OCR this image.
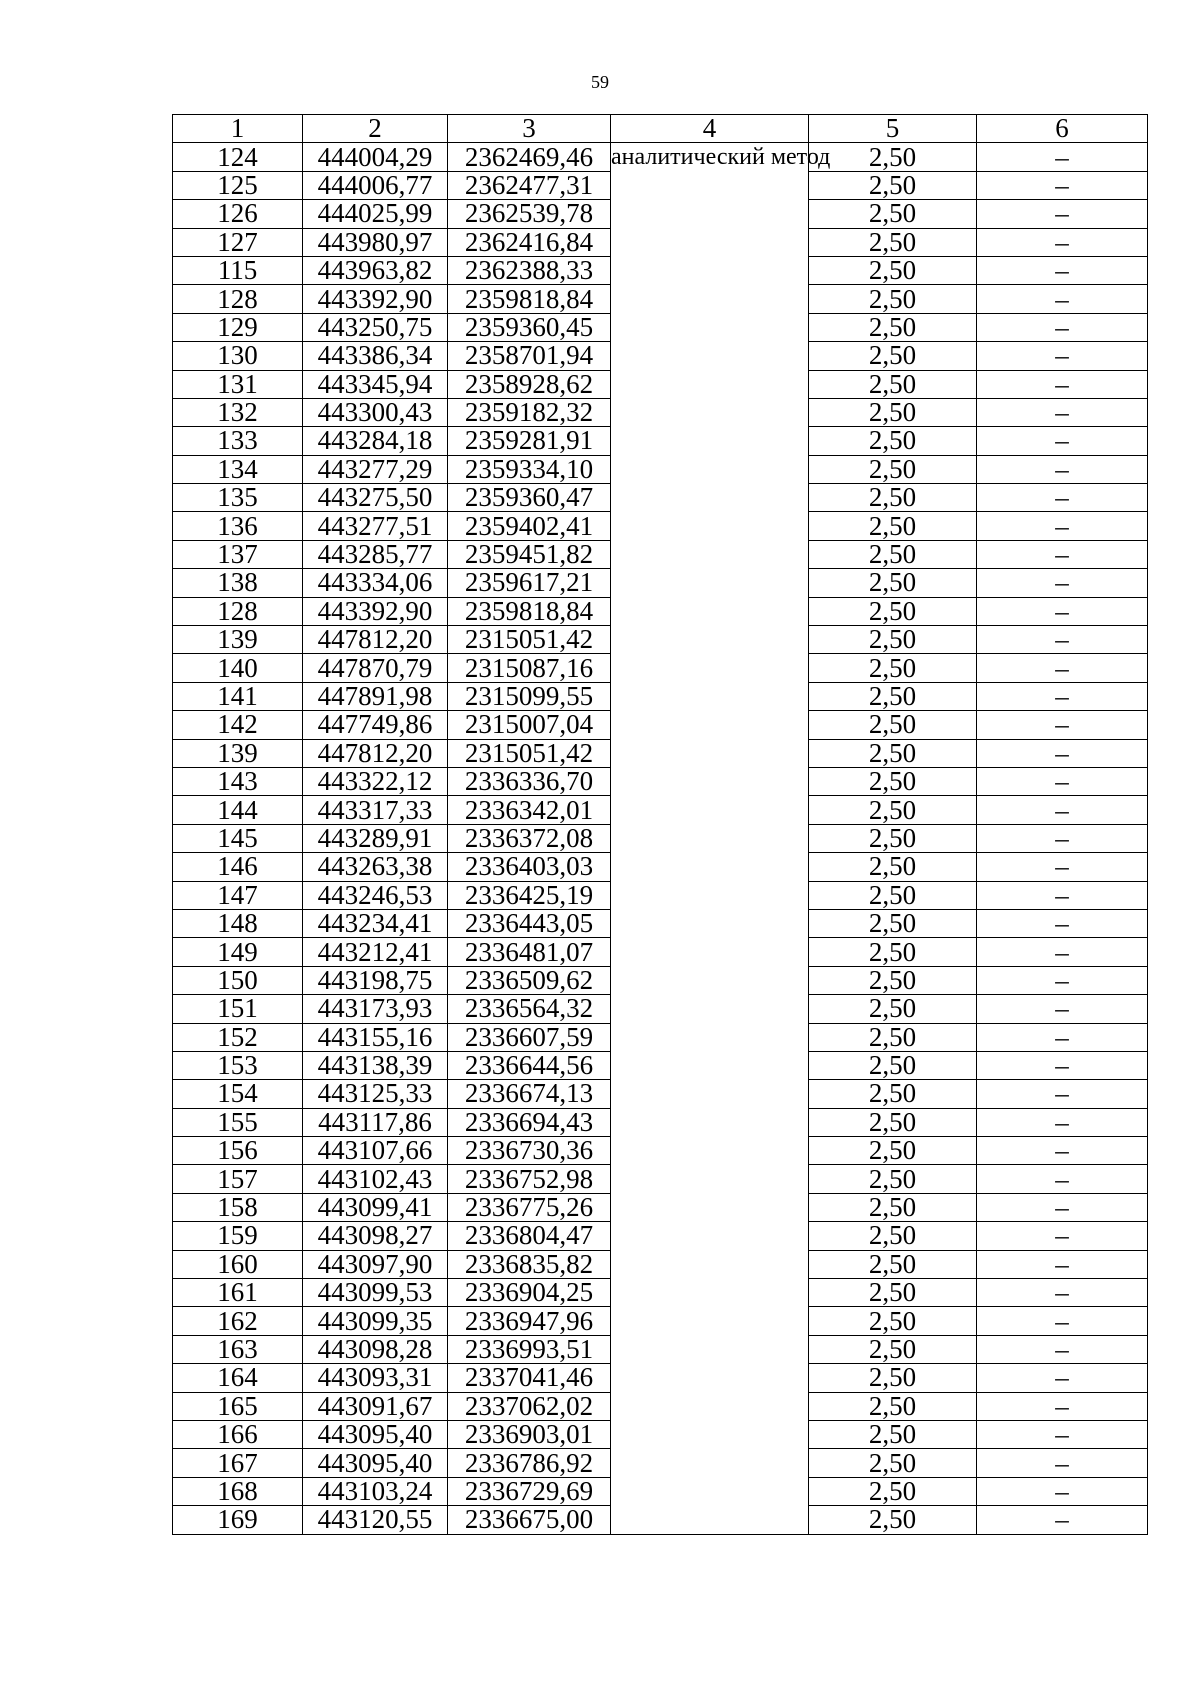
59
1	2	3	4	5	6
124	444004,29	2362469,46	аналитический метод	2,50	–
125	444006,77	2362477,31		2,50	–
126	444025,99	2362539,78		2,50	–
127	443980,97	2362416,84		2,50	–
115	443963,82	2362388,33		2,50	–
128	443392,90	2359818,84		2,50	–
129	443250,75	2359360,45		2,50	–
130	443386,34	2358701,94		2,50	–
131	443345,94	2358928,62		2,50	–
132	443300,43	2359182,32		2,50	–
133	443284,18	2359281,91		2,50	–
134	443277,29	2359334,10		2,50	–
135	443275,50	2359360,47		2,50	–
136	443277,51	2359402,41		2,50	–
137	443285,77	2359451,82		2,50	–
138	443334,06	2359617,21		2,50	–
128	443392,90	2359818,84		2,50	–
139	447812,20	2315051,42		2,50	–
140	447870,79	2315087,16		2,50	–
141	447891,98	2315099,55		2,50	–
142	447749,86	2315007,04		2,50	–
139	447812,20	2315051,42		2,50	–
143	443322,12	2336336,70		2,50	–
144	443317,33	2336342,01		2,50	–
145	443289,91	2336372,08		2,50	–
146	443263,38	2336403,03		2,50	–
147	443246,53	2336425,19		2,50	–
148	443234,41	2336443,05		2,50	–
149	443212,41	2336481,07		2,50	–
150	443198,75	2336509,62		2,50	–
151	443173,93	2336564,32		2,50	–
152	443155,16	2336607,59		2,50	–
153	443138,39	2336644,56		2,50	–
154	443125,33	2336674,13		2,50	–
155	443117,86	2336694,43		2,50	–
156	443107,66	2336730,36		2,50	–
157	443102,43	2336752,98		2,50	–
158	443099,41	2336775,26		2,50	–
159	443098,27	2336804,47		2,50	–
160	443097,90	2336835,82		2,50	–
161	443099,53	2336904,25		2,50	–
162	443099,35	2336947,96		2,50	–
163	443098,28	2336993,51		2,50	–
164	443093,31	2337041,46		2,50	–
165	443091,67	2337062,02		2,50	–
166	443095,40	2336903,01		2,50	–
167	443095,40	2336786,92		2,50	–
168	443103,24	2336729,69		2,50	–
169	443120,55	2336675,00		2,50	–
